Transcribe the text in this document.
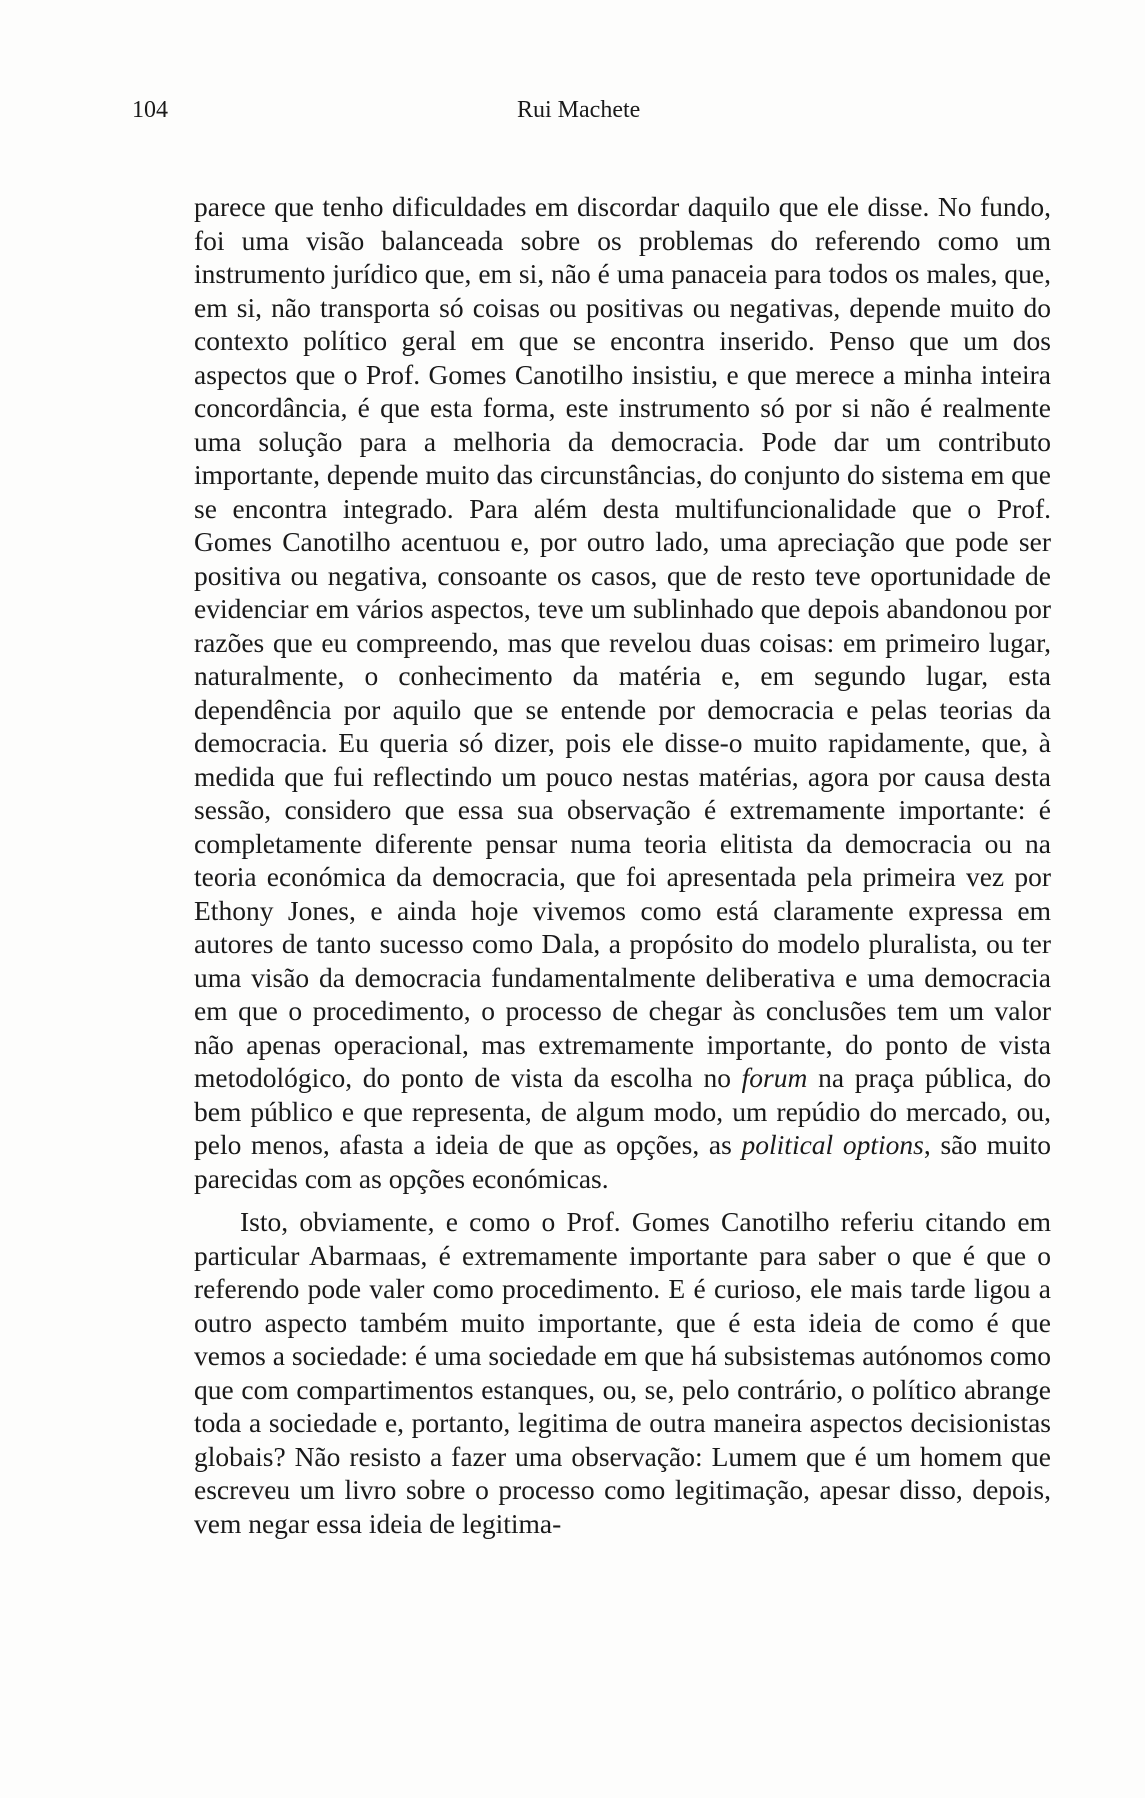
104	Rui Machete

parece que tenho dificuldades em discordar daquilo que ele disse. No fundo, foi uma visão balanceada sobre os problemas do referendo como um instrumento jurídico que, em si, não é uma panaceia para todos os males, que, em si, não transporta só coisas ou positivas ou negativas, depende muito do contexto político geral em que se encontra inserido. Penso que um dos aspectos que o Prof. Gomes Canotilho insistiu, e que merece a minha inteira concordância, é que esta forma, este instrumento só por si não é realmente uma solução para a melhoria da democracia. Pode dar um contributo importante, depende muito das circunstâncias, do conjunto do sistema em que se encontra integrado. Para além desta multifuncionalidade que o Prof. Gomes Canotilho acentuou e, por outro lado, uma apreciação que pode ser positiva ou negativa, consoante os casos, que de resto teve oportunidade de evidenciar em vários aspectos, teve um sublinhado que depois abandonou por razões que eu compreendo, mas que revelou duas coisas: em primeiro lugar, naturalmente, o conhecimento da matéria e, em segundo lugar, esta dependência por aquilo que se entende por democracia e pelas teorias da democracia. Eu queria só dizer, pois ele disse-o muito rapidamente, que, à medida que fui reflectindo um pouco nestas matérias, agora por causa desta sessão, considero que essa sua observação é extremamente importante: é completamente diferente pensar numa teoria elitista da democracia ou na teoria económica da democracia, que foi apresentada pela primeira vez por Ethony Jones, e ainda hoje vivemos como está claramente expressa em autores de tanto sucesso como Dala, a propósito do modelo pluralista, ou ter uma visão da democracia fundamentalmente deliberativa e uma democracia em que o procedimento, o processo de chegar às conclusões tem um valor não apenas operacional, mas extremamente importante, do ponto de vista metodológico, do ponto de vista da escolha no forum na praça pública, do bem público e que representa, de algum modo, um repúdio do mercado, ou, pelo menos, afasta a ideia de que as opções, as political options, são muito parecidas com as opções económicas.

Isto, obviamente, e como o Prof. Gomes Canotilho referiu citando em particular Abarmaas, é extremamente importante para saber o que é que o referendo pode valer como procedimento. E é curioso, ele mais tarde ligou a outro aspecto também muito importante, que é esta ideia de como é que vemos a sociedade: é uma sociedade em que há subsistemas autónomos como que com compartimentos estanques, ou, se, pelo contrário, o político abrange toda a sociedade e, portanto, legitima de outra maneira aspectos decisionistas globais? Não resisto a fazer uma observação: Lumem que é um homem que escreveu um livro sobre o processo como legitimação, apesar disso, depois, vem negar essa ideia de legitima-
